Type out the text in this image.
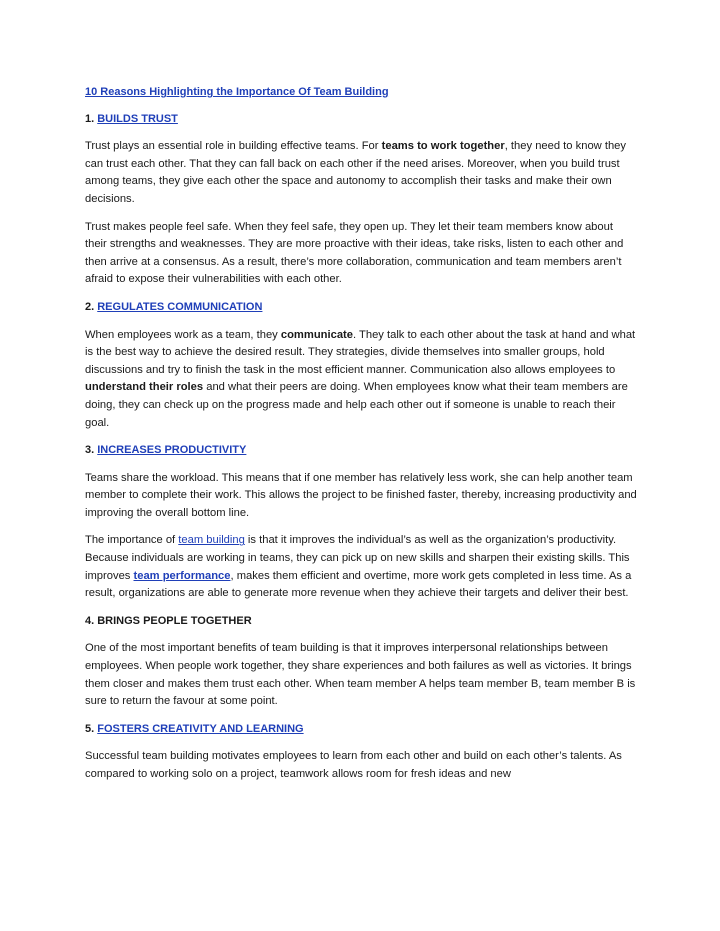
10 Reasons Highlighting the Importance Of Team Building

1. BUILDS TRUST

Trust plays an essential role in building effective teams. For teams to work together, they need to know they can trust each other. That they can fall back on each other if the need arises. Moreover, when you build trust among teams, they give each other the space and autonomy to accomplish their tasks and make their own decisions.

Trust makes people feel safe. When they feel safe, they open up. They let their team members know about their strengths and weaknesses. They are more proactive with their ideas, take risks, listen to each other and then arrive at a consensus. As a result, there’s more collaboration, communication and team members aren’t afraid to expose their vulnerabilities with each other.

2. REGULATES COMMUNICATION

When employees work as a team, they communicate. They talk to each other about the task at hand and what is the best way to achieve the desired result. They strategies, divide themselves into smaller groups, hold discussions and try to finish the task in the most efficient manner. Communication also allows employees to understand their roles and what their peers are doing. When employees know what their team members are doing, they can check up on the progress made and help each other out if someone is unable to reach their goal.

3. INCREASES PRODUCTIVITY

Teams share the workload. This means that if one member has relatively less work, she can help another team member to complete their work. This allows the project to be finished faster, thereby, increasing productivity and improving the overall bottom line.

The importance of team building is that it improves the individual’s as well as the organization’s productivity. Because individuals are working in teams, they can pick up on new skills and sharpen their existing skills. This improves team performance, makes them efficient and overtime, more work gets completed in less time. As a result, organizations are able to generate more revenue when they achieve their targets and deliver their best.

4. BRINGS PEOPLE TOGETHER

One of the most important benefits of team building is that it improves interpersonal relationships between employees. When people work together, they share experiences and both failures as well as victories. It brings them closer and makes them trust each other. When team member A helps team member B, team member B is sure to return the favour at some point.

5. FOSTERS CREATIVITY AND LEARNING

Successful team building motivates employees to learn from each other and build on each other’s talents. As compared to working solo on a project, teamwork allows room for fresh ideas and new
